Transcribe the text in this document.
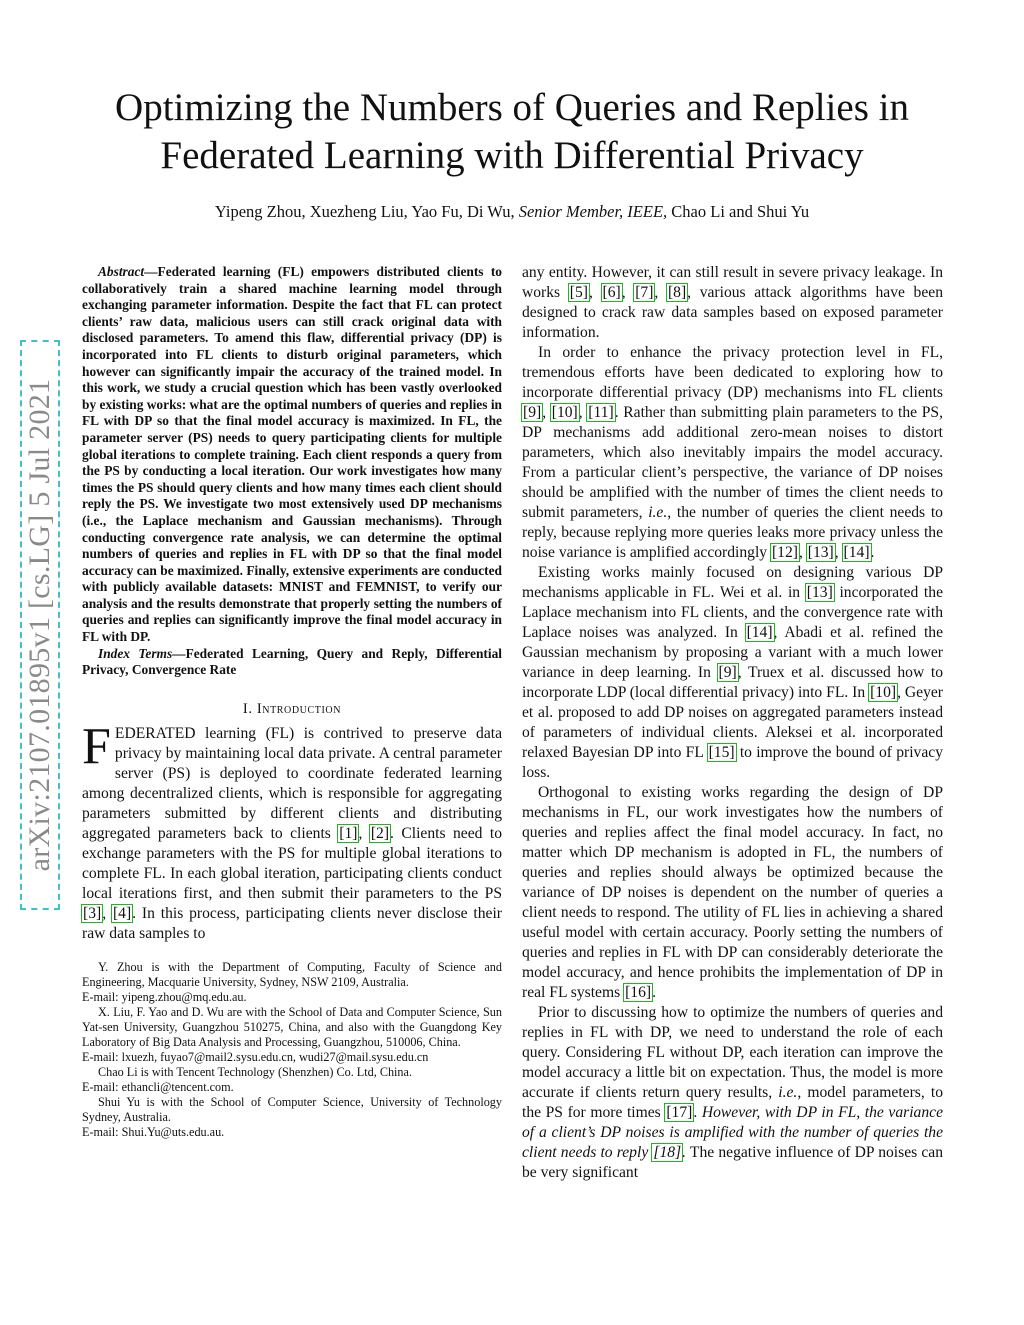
arXiv:2107.01895v1 [cs.LG] 5 Jul 2021
Optimizing the Numbers of Queries and Replies in
Federated Learning with Differential Privacy
Yipeng Zhou, Xuezheng Liu, Yao Fu, Di Wu, Senior Member, IEEE, Chao Li and Shui Yu

Abstract—Federated learning (FL) empowers distributed clients to collaboratively train a shared machine learning model through exchanging parameter information. Despite the fact that FL can protect clients’ raw data, malicious users can still crack original data with disclosed parameters. To amend this flaw, differential privacy (DP) is incorporated into FL clients to disturb original parameters, which however can significantly impair the accuracy of the trained model. In this work, we study a crucial question which has been vastly overlooked by existing works: what are the optimal numbers of queries and replies in FL with DP so that the final model accuracy is maximized. In FL, the parameter server (PS) needs to query participating clients for multiple global iterations to complete training. Each client responds a query from the PS by conducting a local iteration. Our work investigates how many times the PS should query clients and how many times each client should reply the PS. We investigate two most extensively used DP mechanisms (i.e., the Laplace mechanism and Gaussian mechanisms). Through conducting convergence rate analysis, we can determine the optimal numbers of queries and replies in FL with DP so that the final model accuracy can be maximized. Finally, extensive experiments are conducted with publicly available datasets: MNIST and FEMNIST, to verify our analysis and the results demonstrate that properly setting the numbers of queries and replies can significantly improve the final model accuracy in FL with DP.

Index Terms—Federated Learning, Query and Reply, Differential Privacy, Convergence Rate

I. Introduction

FEDERATED learning (FL) is contrived to preserve data privacy by maintaining local data private. A central parameter server (PS) is deployed to coordinate federated learning among decentralized clients, which is responsible for aggregating parameters submitted by different clients and distributing aggregated parameters back to clients [1], [2]. Clients need to exchange parameters with the PS for multiple global iterations to complete FL. In each global iteration, participating clients conduct local iterations first, and then submit their parameters to the PS [3], [4]. In this process, participating clients never disclose their raw data samples to

Y. Zhou is with the Department of Computing, Faculty of Science and Engineering, Macquarie University, Sydney, NSW 2109, Australia.

E-mail: yipeng.zhou@mq.edu.au.

X. Liu, F. Yao and D. Wu are with the School of Data and Computer Science, Sun Yat-sen University, Guangzhou 510275, China, and also with the Guangdong Key Laboratory of Big Data Analysis and Processing, Guangzhou, 510006, China.

E-mail: lxuezh, fuyao7@mail2.sysu.edu.cn, wudi27@mail.sysu.edu.cn

Chao Li is with Tencent Technology (Shenzhen) Co. Ltd, China.

E-mail: ethancli@tencent.com.

Shui Yu is with the School of Computer Science, University of Technology Sydney, Australia.

E-mail: Shui.Yu@uts.edu.au.

any entity. However, it can still result in severe privacy leakage. In works [5], [6], [7], [8], various attack algorithms have been designed to crack raw data samples based on exposed parameter information.

In order to enhance the privacy protection level in FL, tremendous efforts have been dedicated to exploring how to incorporate differential privacy (DP) mechanisms into FL clients [9], [10], [11]. Rather than submitting plain parameters to the PS, DP mechanisms add additional zero-mean noises to distort parameters, which also inevitably impairs the model accuracy. From a particular client’s perspective, the variance of DP noises should be amplified with the number of times the client needs to submit parameters, i.e., the number of queries the client needs to reply, because replying more queries leaks more privacy unless the noise variance is amplified accordingly [12], [13], [14].

Existing works mainly focused on designing various DP mechanisms applicable in FL. Wei et al. in [13] incorporated the Laplace mechanism into FL clients, and the convergence rate with Laplace noises was analyzed. In [14], Abadi et al. refined the Gaussian mechanism by proposing a variant with a much lower variance in deep learning. In [9], Truex et al. discussed how to incorporate LDP (local differential privacy) into FL. In [10], Geyer et al. proposed to add DP noises on aggregated parameters instead of parameters of individual clients. Aleksei et al. incorporated relaxed Bayesian DP into FL [15] to improve the bound of privacy loss.

Orthogonal to existing works regarding the design of DP mechanisms in FL, our work investigates how the numbers of queries and replies affect the final model accuracy. In fact, no matter which DP mechanism is adopted in FL, the numbers of queries and replies should always be optimized because the variance of DP noises is dependent on the number of queries a client needs to respond. The utility of FL lies in achieving a shared useful model with certain accuracy. Poorly setting the numbers of queries and replies in FL with DP can considerably deteriorate the model accuracy, and hence prohibits the implementation of DP in real FL systems [16].

Prior to discussing how to optimize the numbers of queries and replies in FL with DP, we need to understand the role of each query. Considering FL without DP, each iteration can improve the model accuracy a little bit on expectation. Thus, the model is more accurate if clients return query results, i.e., model parameters, to the PS for more times [17]. However, with DP in FL, the variance of a client’s DP noises is amplified with the number of queries the client needs to reply [18]. The negative influence of DP noises can be very significant
